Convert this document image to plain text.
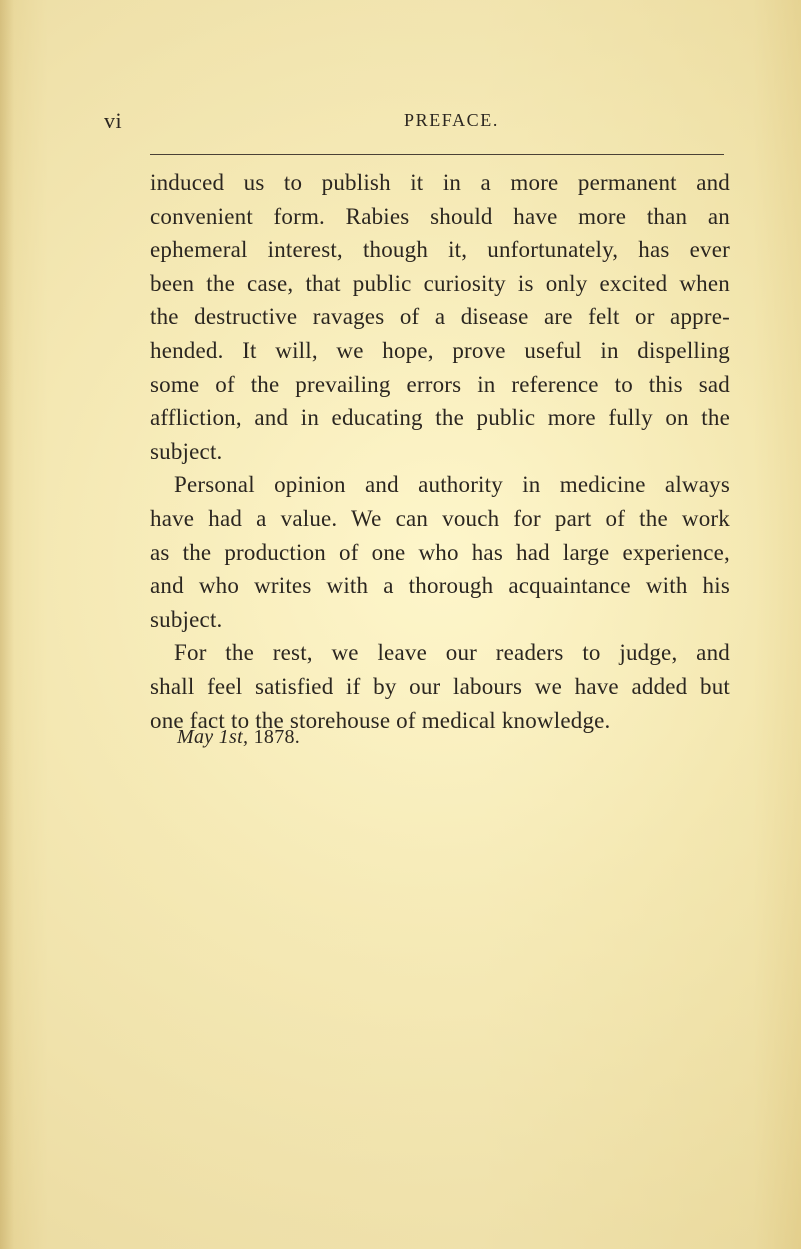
vi	PREFACE.

induced us to publish it in a more permanent and
convenient form. Rabies should have more than an
ephemeral interest, though it, unfortunately, has ever
been the case, that public curiosity is only excited when
the destructive ravages of a disease are felt or appre-
hended. It will, we hope, prove useful in dispelling
some of the prevailing errors in reference to this sad
affliction, and in educating the public more fully on the
subject.

Personal opinion and authority in medicine always
have had a value. We can vouch for part of the work
as the production of one who has had large experience,
and who writes with a thorough acquaintance with his
subject.

For the rest, we leave our readers to judge, and
shall feel satisfied if by our labours we have added but
one fact to the storehouse of medical knowledge.

May 1st, 1878.
